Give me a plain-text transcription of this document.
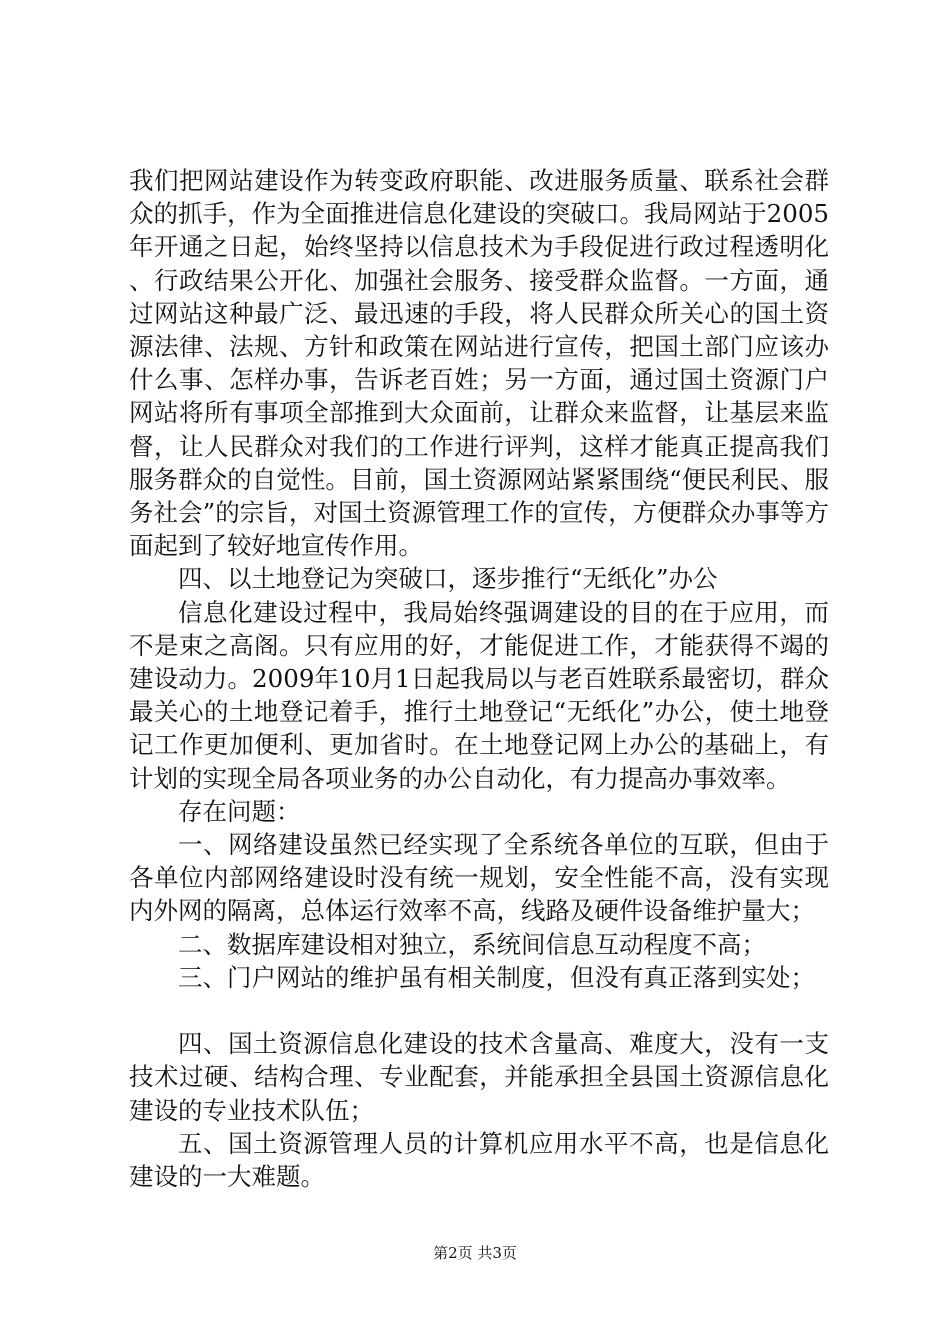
我们把网站建设作为转变政府职能、改进服务质量、联系社会群众的抓手，作为全面推进信息化建设的突破口。我局网站于2005年开通之日起，始终坚持以信息技术为手段促进行政过程透明化、行政结果公开化、加强社会服务、接受群众监督。一方面，通过网站这种最广泛、最迅速的手段，将人民群众所关心的国土资源法律、法规、方针和政策在网站进行宣传，把国土部门应该办什么事、怎样办事，告诉老百姓；另一方面，通过国土资源门户网站将所有事项全部推到大众面前，让群众来监督，让基层来监督，让人民群众对我们的工作进行评判，这样才能真正提高我们服务群众的自觉性。目前，国土资源网站紧紧围绕“便民利民、服务社会”的宗旨，对国土资源管理工作的宣传，方便群众办事等方面起到了较好地宣传作用。

四、以土地登记为突破口，逐步推行“无纸化”办公

信息化建设过程中，我局始终强调建设的目的在于应用，而不是束之高阁。只有应用的好，才能促进工作，才能获得不竭的建设动力。2009年10月1日起我局以与老百姓联系最密切，群众最关心的土地登记着手，推行土地登记“无纸化”办公，使土地登记工作更加便利、更加省时。在土地登记网上办公的基础上，有计划的实现全局各项业务的办公自动化，有力提高办事效率。

存在问题：

一、网络建设虽然已经实现了全系统各单位的互联，但由于各单位内部网络建设时没有统一规划，安全性能不高，没有实现内外网的隔离，总体运行效率不高，线路及硬件设备维护量大；

二、数据库建设相对独立，系统间信息互动程度不高；

三、门户网站的维护虽有相关制度，但没有真正落到实处；

四、国土资源信息化建设的技术含量高、难度大，没有一支技术过硬、结构合理、专业配套，并能承担全县国土资源信息化建设的专业技术队伍；

五、国土资源管理人员的计算机应用水平不高，也是信息化建设的一大难题。

第2页 共3页
